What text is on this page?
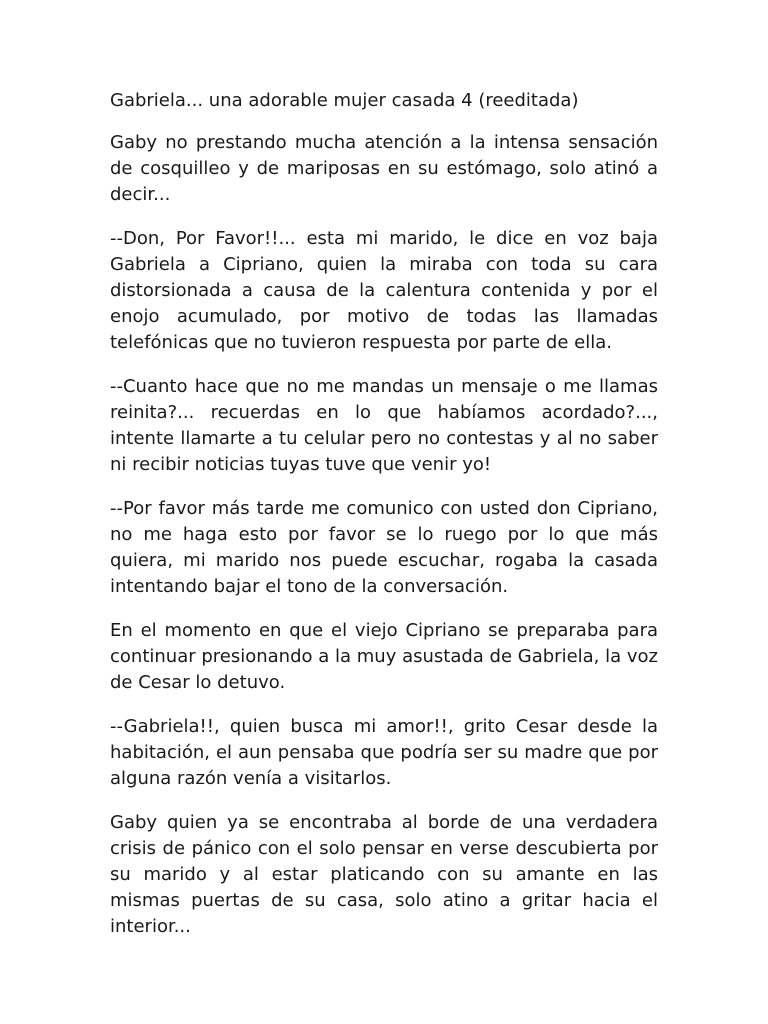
Gabriela... una adorable mujer casada 4 (reeditada)

Gaby no prestando mucha atención a la intensa sensación de cosquilleo y de mariposas en su estómago, solo atinó a decir...

--Don, Por Favor!!... esta mi marido, le dice en voz baja Gabriela a Cipriano, quien la miraba con toda su cara distorsionada a causa de la calentura contenida y por el enojo acumulado, por motivo de todas las llamadas telefónicas que no tuvieron respuesta por parte de ella.

--Cuanto hace que no me mandas un mensaje o me llamas reinita?... recuerdas en lo que habíamos acordado?..., intente llamarte a tu celular pero no contestas y al no saber ni recibir noticias tuyas tuve que venir yo!

--Por favor más tarde me comunico con usted don Cipriano, no me haga esto por favor se lo ruego por lo que más quiera, mi marido nos puede escuchar, rogaba la casada intentando bajar el tono de la conversación.

En el momento en que el viejo Cipriano se preparaba para continuar presionando a la muy asustada de Gabriela, la voz de Cesar lo detuvo.

--Gabriela!!, quien busca mi amor!!, grito Cesar desde la habitación, el aun pensaba que podría ser su madre que por alguna razón venía a visitarlos.

Gaby quien ya se encontraba al borde de una verdadera crisis de pánico con el solo pensar en verse descubierta por su marido y al estar platicando con su amante en las mismas puertas de su casa, solo atino a gritar hacia el interior...
